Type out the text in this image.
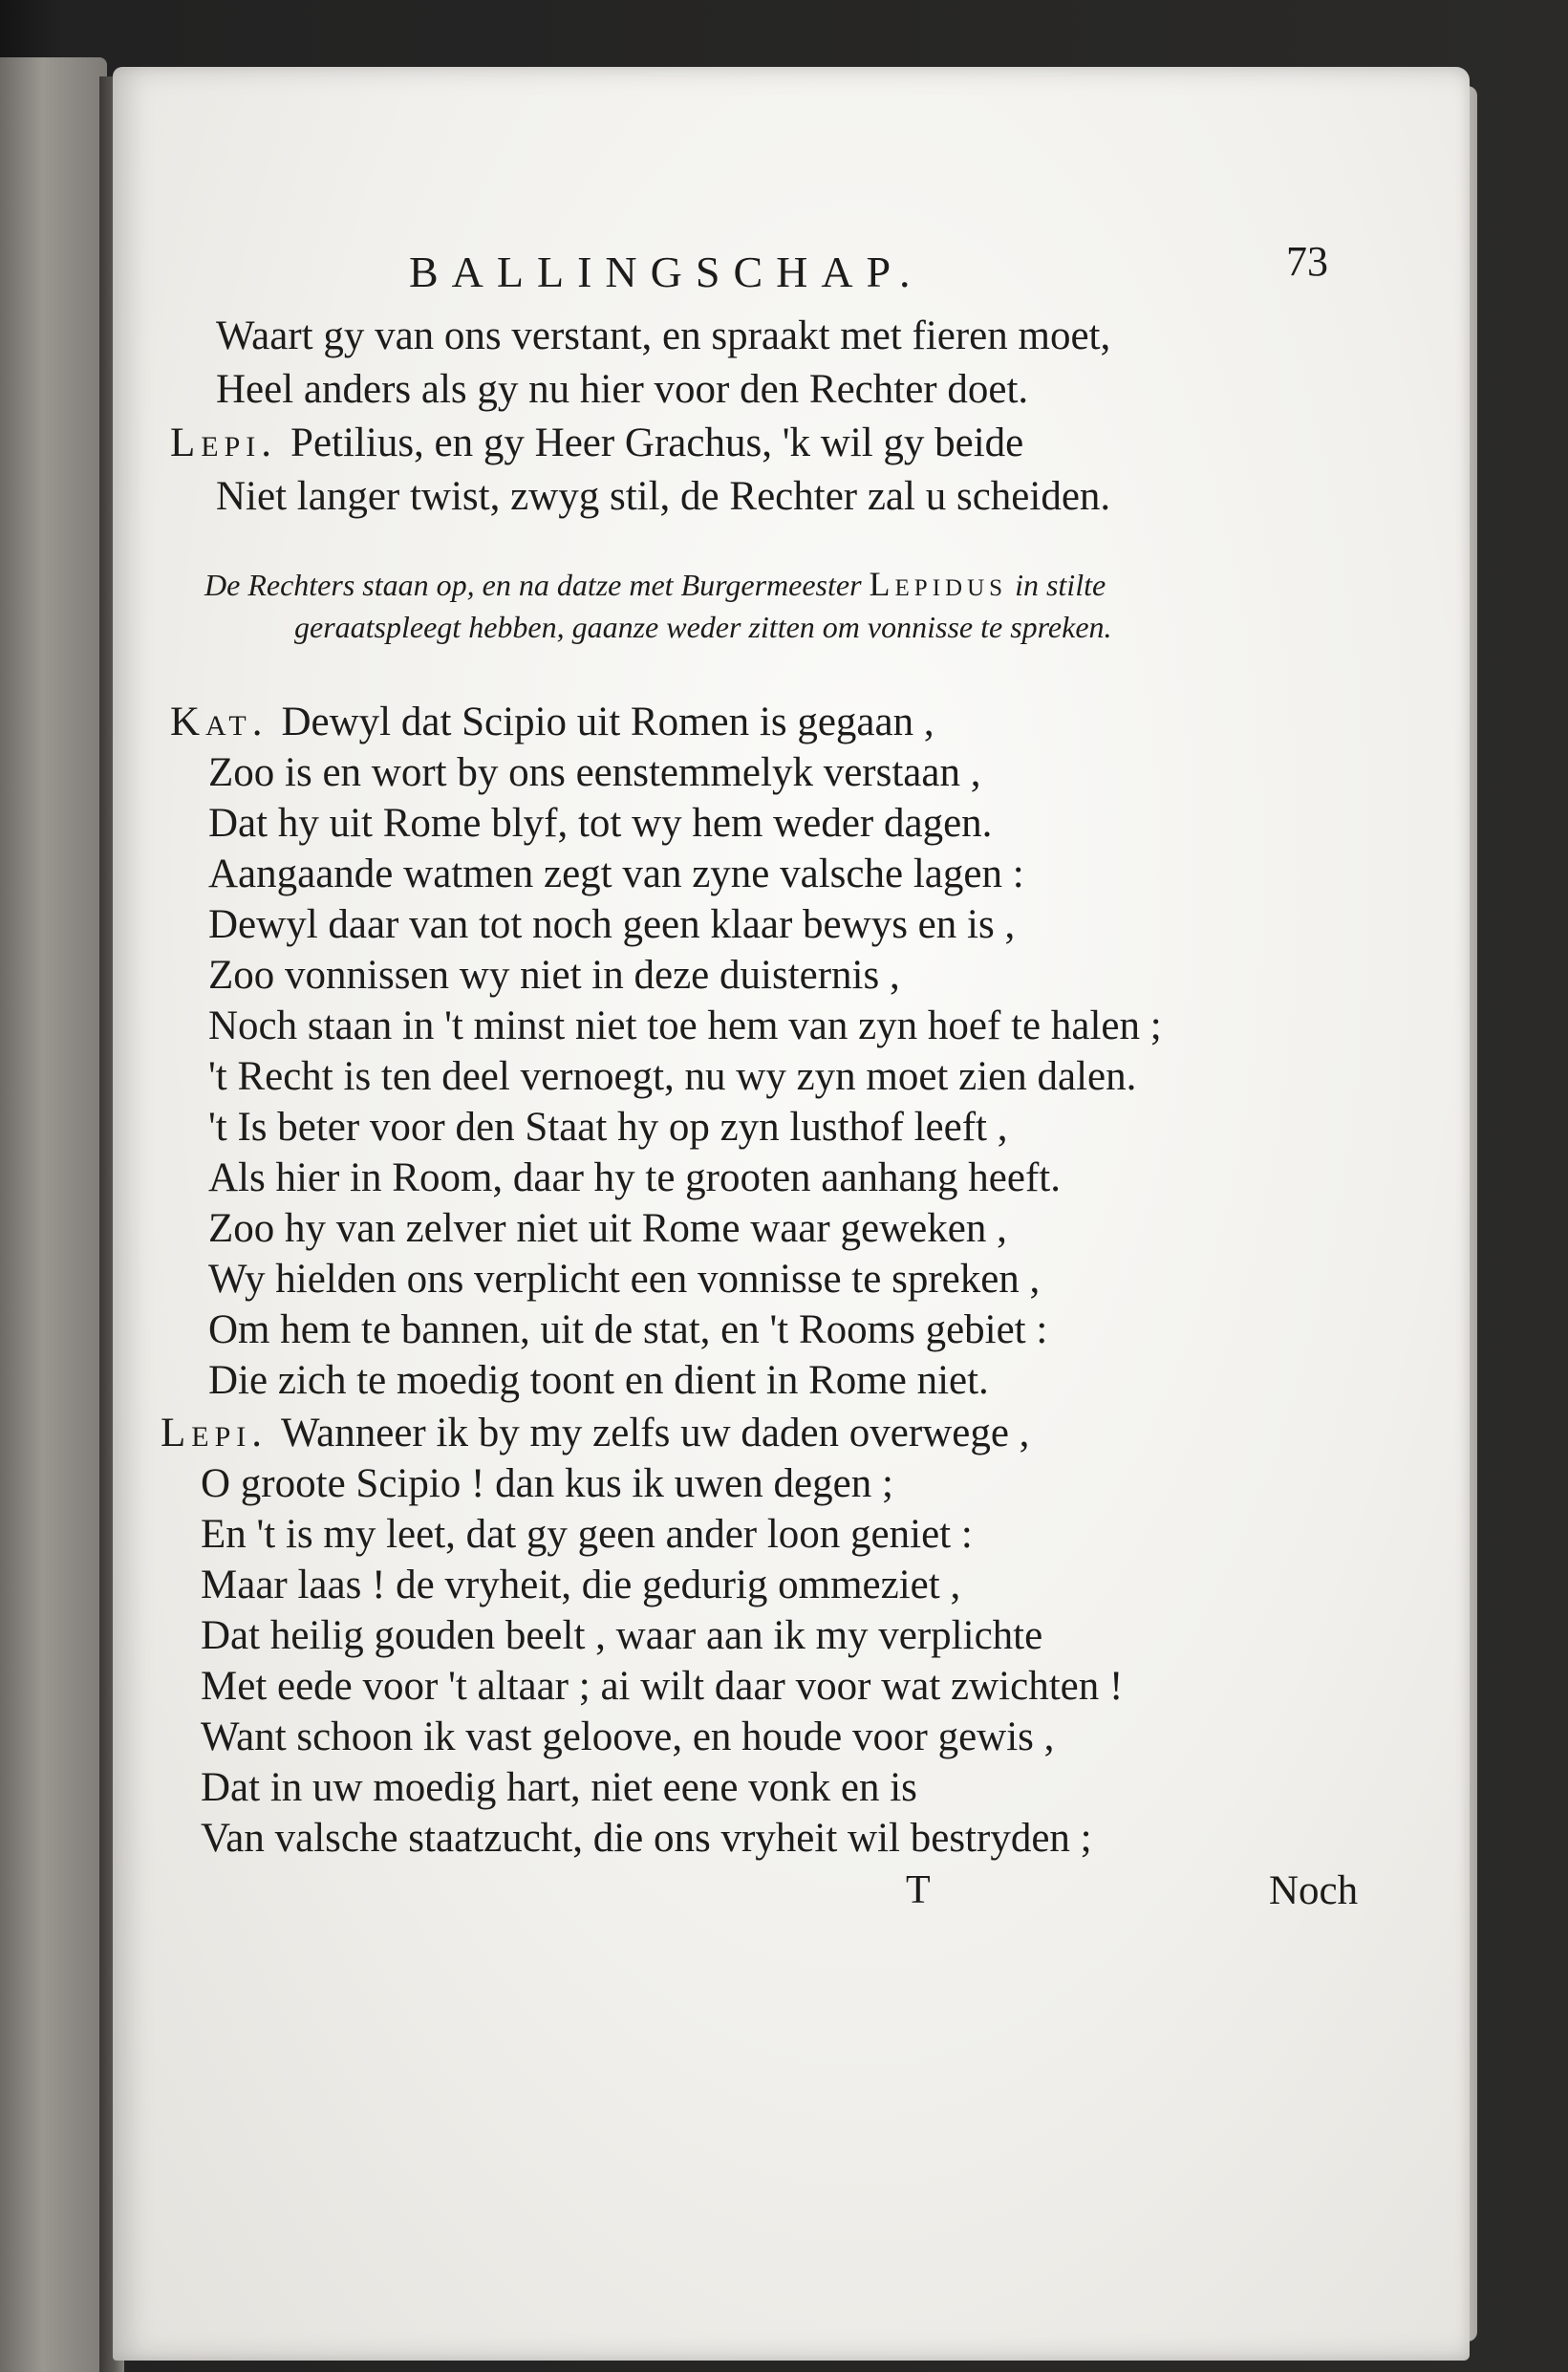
BALLINGSCHAP.	73
Waart gy van ons verstant, en spraakt met fieren moet,
Heel anders als gy nu hier voor den Rechter doet.
Lepi. Petilius, en gy Heer Grachus, 'k wil gy beide
Niet langer twist, zwyg stil, de Rechter zal u scheiden.
De Rechters staan op, en na datze met Burgermeester Lepidus in stilte
geraatspleegt hebben, gaanze weder zitten om vonnisse te spreken.
Kat. Dewyl dat Scipio uit Romen is gegaan ,
Zoo is en wort by ons eenstemmelyk verstaan ,
Dat hy uit Rome blyf, tot wy hem weder dagen.
Aangaande watmen zegt van zyne valsche lagen :
Dewyl daar van tot noch geen klaar bewys en is ,
Zoo vonnissen wy niet in deze duisternis ,
Noch staan in 't minst niet toe hem van zyn hoef te halen ;
't Recht is ten deel vernoegt, nu wy zyn moet zien dalen.
't Is beter voor den Staat hy op zyn lusthof leeft ,
Als hier in Room, daar hy te grooten aanhang heeft.
Zoo hy van zelver niet uit Rome waar geweken ,
Wy hielden ons verplicht een vonnisse te spreken ,
Om hem te bannen, uit de stat, en 't Rooms gebiet :
Die zich te moedig toont en dient in Rome niet.
Lepi. Wanneer ik by my zelfs uw daden overwege ,
O groote Scipio ! dan kus ik uwen degen ;
En 't is my leet, dat gy geen ander loon geniet :
Maar laas ! de vryheit, die gedurig ommeziet ,
Dat heilig gouden beelt , waar aan ik my verplichte
Met eede voor 't altaar ; ai wilt daar voor wat zwichten !
Want schoon ik vast geloove, en houde voor gewis ,
Dat in uw moedig hart, niet eene vonk en is
Van valsche staatzucht, die ons vryheit wil bestryden ;
T	Noch
